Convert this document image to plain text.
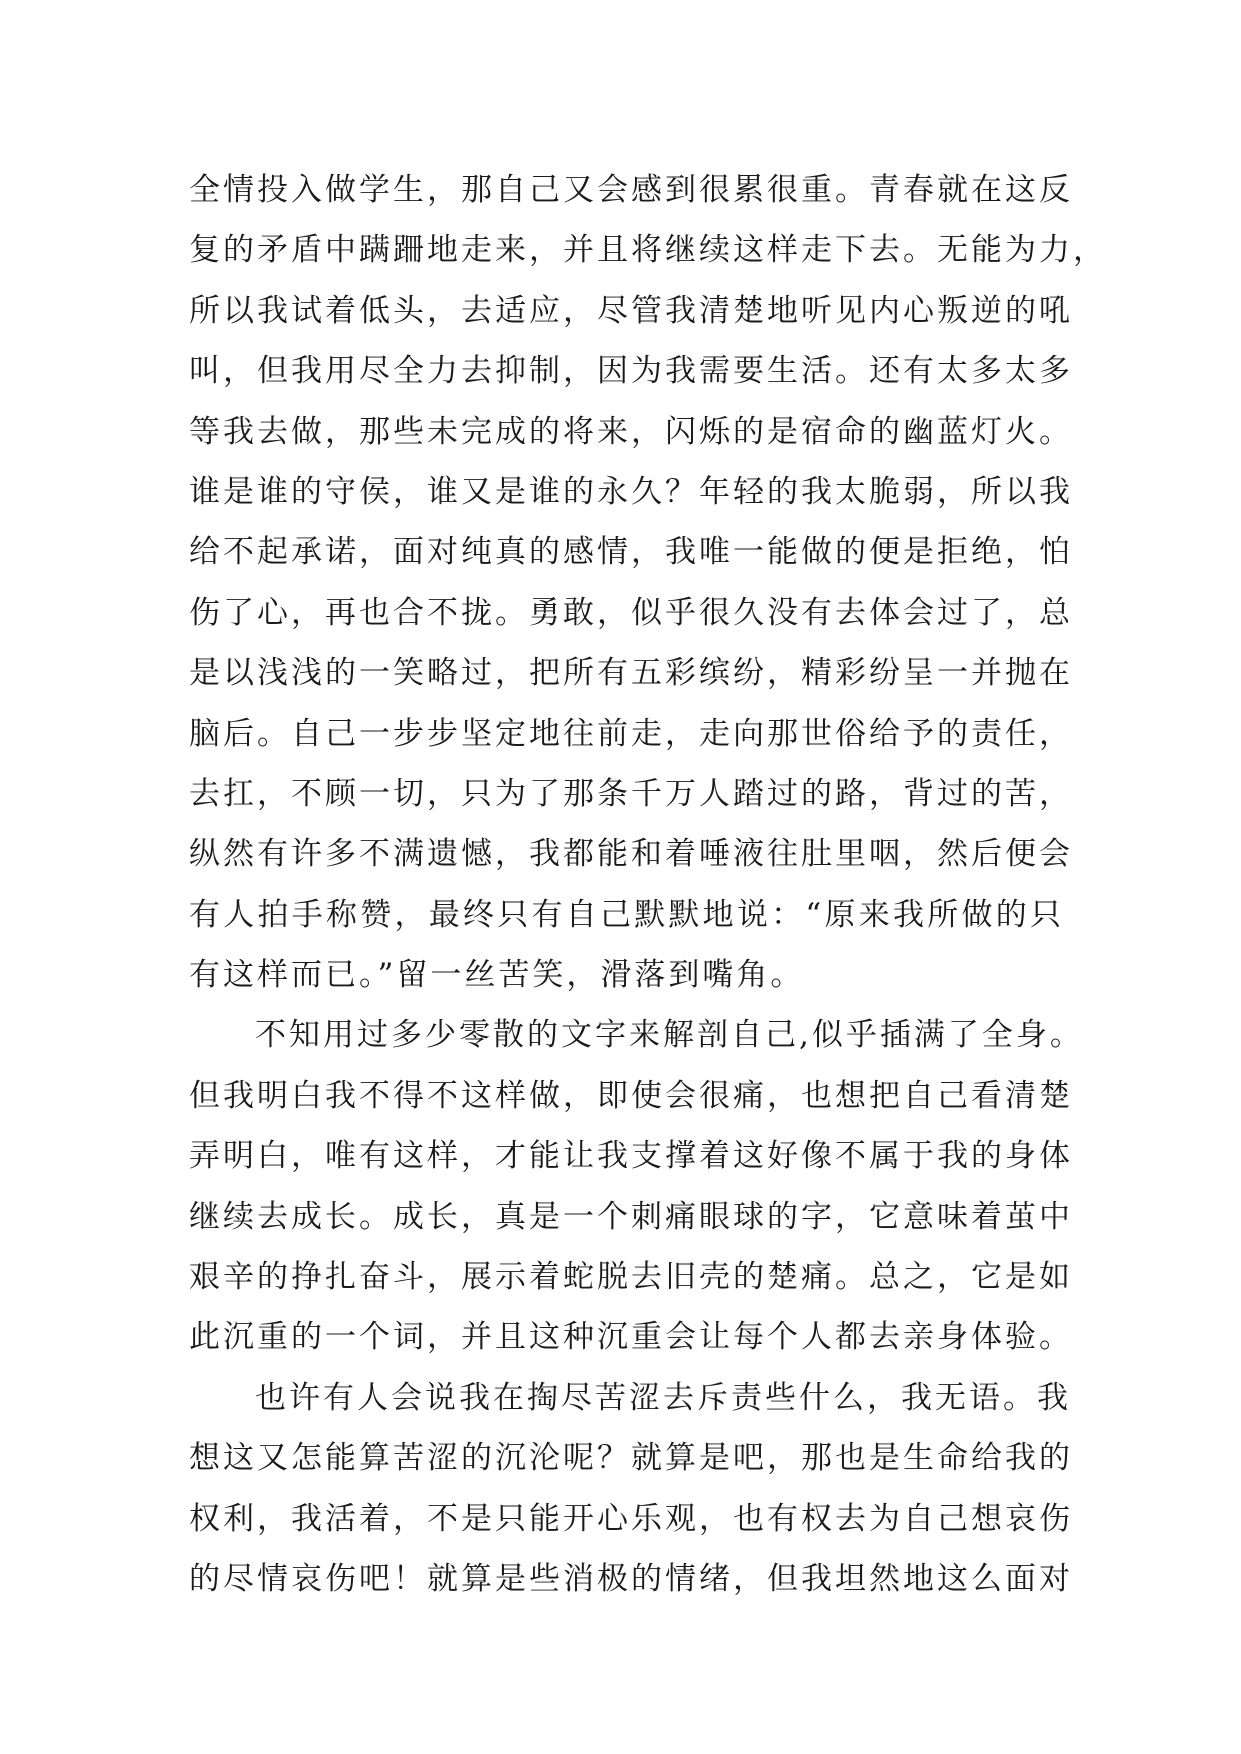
全情投入做学生，那自己又会感到很累很重。青春就在这反
复的矛盾中蹒跚地走来，并且将继续这样走下去。无能为力，
所以我试着低头，去适应，尽管我清楚地听见内心叛逆的吼
叫，但我用尽全力去抑制，因为我需要生活。还有太多太多
等我去做，那些未完成的将来，闪烁的是宿命的幽蓝灯火。
谁是谁的守侯，谁又是谁的永久？年轻的我太脆弱，所以我
给不起承诺，面对纯真的感情，我唯一能做的便是拒绝，怕
伤了心，再也合不拢。勇敢，似乎很久没有去体会过了，总
是以浅浅的一笑略过，把所有五彩缤纷，精彩纷呈一并抛在
脑后。自己一步步坚定地往前走，走向那世俗给予的责任，
去扛，不顾一切，只为了那条千万人踏过的路，背过的苦，
纵然有许多不满遗憾，我都能和着唾液往肚里咽，然后便会
有人拍手称赞，最终只有自己默默地说：“原来我所做的只
有这样而已。”留一丝苦笑，滑落到嘴角。
不知用过多少零散的文字来解剖自己,似乎插满了全身。
但我明白我不得不这样做，即使会很痛，也想把自己看清楚
弄明白，唯有这样，才能让我支撑着这好像不属于我的身体
继续去成长。成长，真是一个刺痛眼球的字，它意味着茧中
艰辛的挣扎奋斗，展示着蛇脱去旧壳的楚痛。总之，它是如
此沉重的一个词，并且这种沉重会让每个人都去亲身体验。
也许有人会说我在掏尽苦涩去斥责些什么，我无语。我
想这又怎能算苦涩的沉沦呢？就算是吧，那也是生命给我的
权利，我活着，不是只能开心乐观，也有权去为自己想哀伤
的尽情哀伤吧！就算是些消极的情绪，但我坦然地这么面对
